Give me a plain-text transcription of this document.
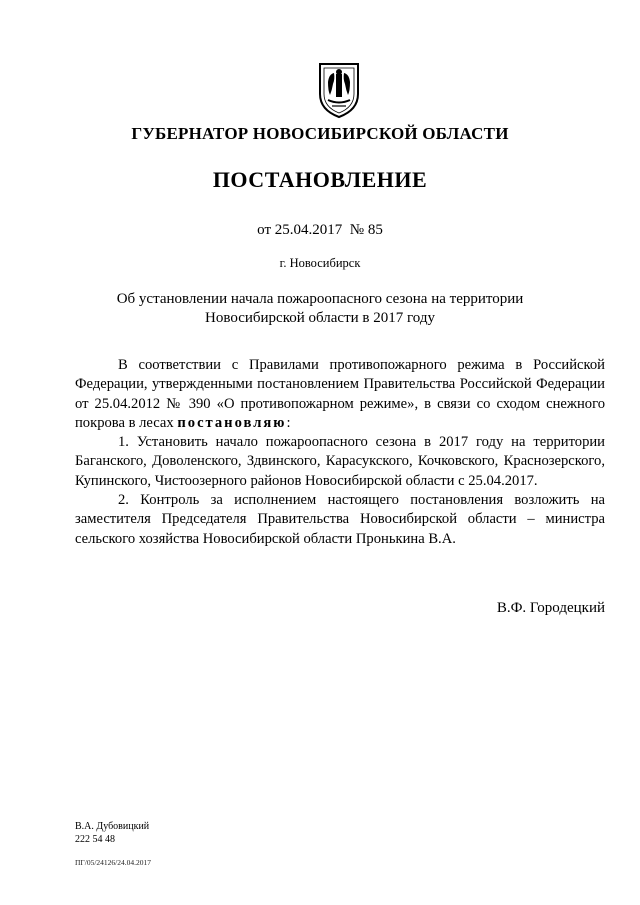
ГУБЕРНАТОР НОВОСИБИРСКОЙ ОБЛАСТИ
ПОСТАНОВЛЕНИЕ
от 25.04.2017  № 85
г. Новосибирск
Об установлении начала пожароопасного сезона на территории
Новосибирской области в 2017 году

В соответствии с Правилами противопожарного режима в Российской Федерации, утвержденными постановлением Правительства Российской Федерации от 25.04.2012 № 390 «О противопожарном режиме», в связи со сходом снежного покрова в лесах постановляю:

1. Установить начало пожароопасного сезона в 2017 году на территории Баганского, Доволенского, Здвинского, Карасукского, Кочковского, Краснозерского, Купинского, Чистоозерного районов Новосибирской области с 25.04.2017.

2. Контроль за исполнением настоящего постановления возложить на заместителя Председателя Правительства Новосибирской области – министра сельского хозяйства Новосибирской области Пронькина В.А.

В.Ф. Городецкий
В.А. Дубовицкий
222 54 48
ПГ/05/24126/24.04.2017
